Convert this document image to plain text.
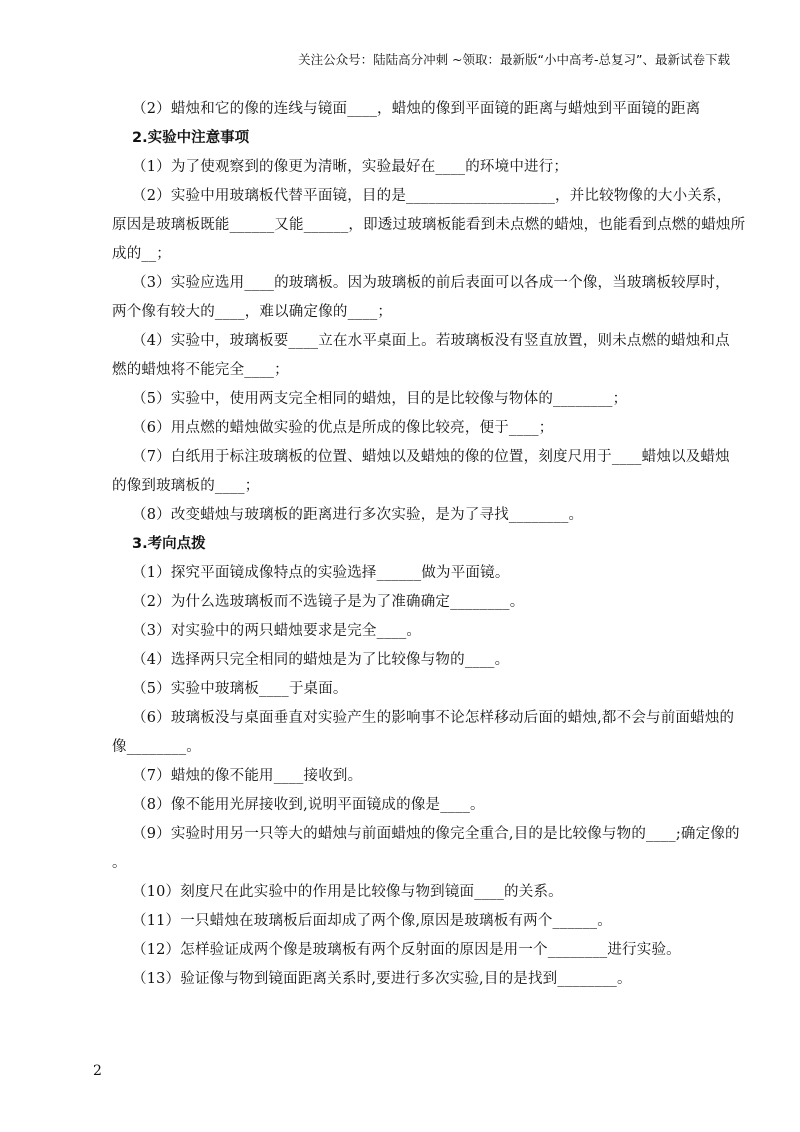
关注公众号：陆陆高分冲刺 ~领取：最新版“小中高考-总复习”、最新试卷下载
（2）蜡烛和它的像的连线与镜面____，蜡烛的像到平面镜的距离与蜡烛到平面镜的距离
2.实验中注意事项
（1）为了使观察到的像更为清晰，实验最好在____的环境中进行；
（2）实验中用玻璃板代替平面镜，目的是____________________，并比较物像的大小关系，
原因是玻璃板既能______又能______，即透过玻璃板能看到未点燃的蜡烛，也能看到点燃的蜡烛所
成的__；
（3）实验应选用____的玻璃板。因为玻璃板的前后表面可以各成一个像，当玻璃板较厚时，
两个像有较大的____，难以确定像的____；
（4）实验中，玻璃板要____立在水平桌面上。若玻璃板没有竖直放置，则未点燃的蜡烛和点
燃的蜡烛将不能完全____；
（5）实验中，使用两支完全相同的蜡烛，目的是比较像与物体的________；
（6）用点燃的蜡烛做实验的优点是所成的像比较亮，便于____；
（7）白纸用于标注玻璃板的位置、蜡烛以及蜡烛的像的位置，刻度尺用于____蜡烛以及蜡烛
的像到玻璃板的____；
（8）改变蜡烛与玻璃板的距离进行多次实验，是为了寻找________。
3.考向点拨
（1）探究平面镜成像特点的实验选择______做为平面镜。
（2）为什么选玻璃板而不选镜子是为了准确确定________。
（3）对实验中的两只蜡烛要求是完全____。
（4）选择两只完全相同的蜡烛是为了比较像与物的____。
（5）实验中玻璃板____于桌面。
（6）玻璃板没与桌面垂直对实验产生的影响事不论怎样移动后面的蜡烛,都不会与前面蜡烛的
像________。
（7）蜡烛的像不能用____接收到。
（8）像不能用光屏接收到,说明平面镜成的像是____。
（9）实验时用另一只等大的蜡烛与前面蜡烛的像完全重合,目的是比较像与物的____;确定像的
。
（10）刻度尺在此实验中的作用是比较像与物到镜面____的关系。
（11）一只蜡烛在玻璃板后面却成了两个像,原因是玻璃板有两个______。
（12）怎样验证成两个像是玻璃板有两个反射面的原因是用一个________进行实验。
（13）验证像与物到镜面距离关系时,要进行多次实验,目的是找到________。
2
